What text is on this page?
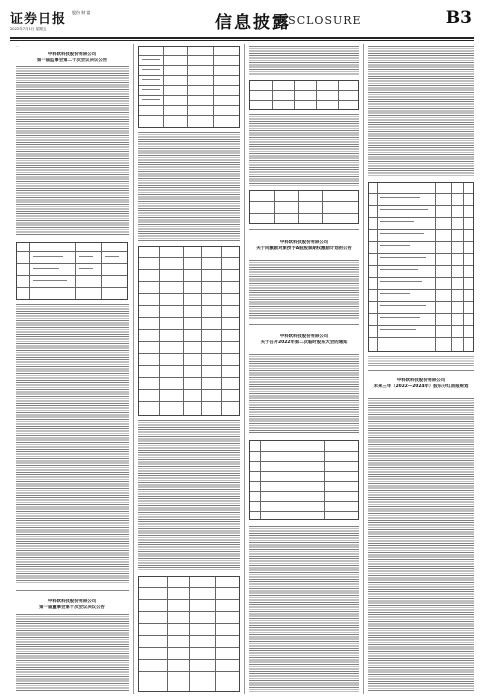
证券日报 股份 财 富
2022年7月1日 星期五	信息披露
DISCLOSURE	B3
—
中科软科技股份有限公司
第一届监事会第二十次会议决议公告
中科软科技股份有限公司
第一届董事会第十次会议决议公告
中科软科技股份有限公司
关于向激励对象授予A股股票期权激励计划的公告
中科软科技股份有限公司
关于召开2022年第二次临时股东大会的通知
中科软科技股份有限公司
未来三年（2022—2024年）股东分红回报规划
